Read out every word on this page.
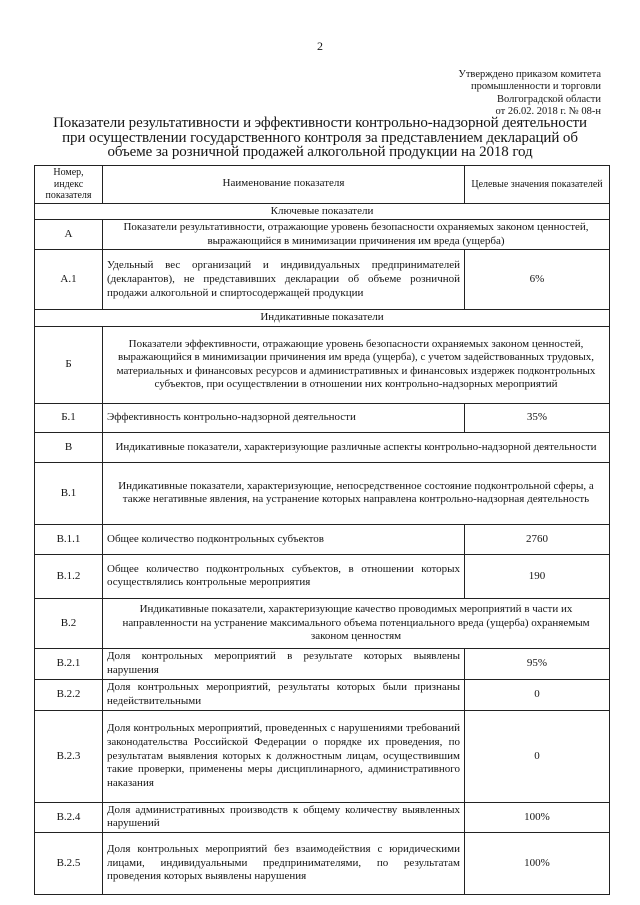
2
Утверждено приказом комитета
промышленности и торговли
Волгоградской области
от 26.02. 2018 г. № 08-н
Показатели результативности и эффективности контрольно-надзорной деятельности
при осуществлении государственного контроля за представлением деклараций об
объеме за розничной продажей алкогольной продукции на 2018 год
Номер, индекс показателя	Наименование показателя	Целевые значения показателей
Ключевые показатели		
А	Показатели результативности, отражающие уровень безопасности охраняемых законом ценностей, выражающийся в минимизации причинения им вреда (ущерба)	
А.1	Удельный вес организаций и индивидуальных предпринимателей (декларантов), не представивших декларации об объеме розничной продажи алкогольной и спиртосодержащей продукции	6%
Индикативные показатели		
Б	Показатели эффективности, отражающие уровень безопасности охраняемых законом ценностей, выражающийся в минимизации причинения им вреда (ущерба), с учетом задействованных трудовых, материальных и финансовых ресурсов и административных и финансовых издержек подконтрольных субъектов, при осуществлении в отношении них контрольно-надзорных мероприятий	
Б.1	Эффективность контрольно-надзорной деятельности	35%
В	Индикативные показатели, характеризующие различные аспекты контрольно-надзорной деятельности	
В.1	Индикативные показатели, характеризующие, непосредственное состояние подконтрольной сферы, а также негативные явления, на устранение которых направлена контрольно-надзорная деятельность	
В.1.1	Общее количество подконтрольных субъектов	2760
В.1.2	Общее количество подконтрольных субъектов, в отношении которых осуществлялись контрольные мероприятия	190
В.2	Индикативные показатели, характеризующие качество проводимых мероприятий в части их направленности на устранение максимального объема потенциального вреда (ущерба) охраняемым законом ценностям	
В.2.1	Доля контрольных мероприятий в результате которых выявлены нарушения	95%
В.2.2	Доля контрольных мероприятий, результаты которых были признаны недействительными	0
В.2.3	Доля контрольных мероприятий, проведенных с нарушениями требований законодательства Российской Федерации о порядке их проведения, по результатам выявления которых к должностным лицам, осуществившим такие проверки, применены меры дисциплинарного, административного наказания	0
В.2.4	Доля административных производств к общему количеству выявленных нарушений	100%
В.2.5	Доля контрольных мероприятий без взаимодействия с юридическими лицами, индивидуальными предпринимателями, по результатам проведения которых выявлены нарушения	100%
